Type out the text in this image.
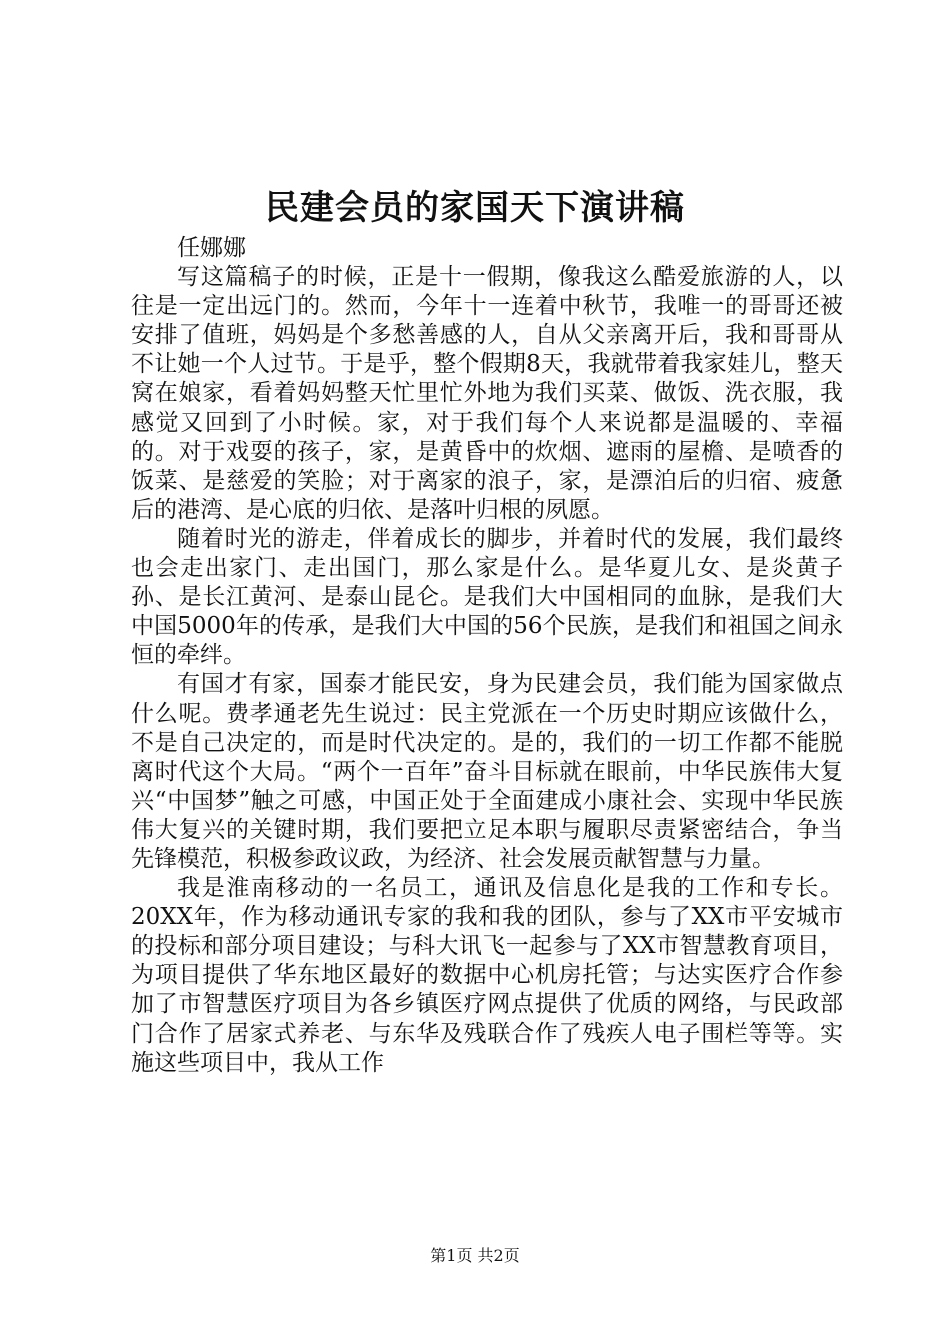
民建会员的家国天下演讲稿

任娜娜

写这篇稿子的时候，正是十一假期，像我这么酷爱旅游的人，以往是一定出远门的。然而，今年十一连着中秋节，我唯一的哥哥还被安排了值班，妈妈是个多愁善感的人，自从父亲离开后，我和哥哥从不让她一个人过节。于是乎，整个假期8天，我就带着我家娃儿，整天窝在娘家，看着妈妈整天忙里忙外地为我们买菜、做饭、洗衣服，我感觉又回到了小时候。家，对于我们每个人来说都是温暖的、幸福的。对于戏耍的孩子，家，是黄昏中的炊烟、遮雨的屋檐、是喷香的饭菜、是慈爱的笑脸；对于离家的浪子，家，是漂泊后的归宿、疲惫后的港湾、是心底的归依、是落叶归根的夙愿。

随着时光的游走，伴着成长的脚步，并着时代的发展，我们最终也会走出家门、走出国门，那么家是什么。是华夏儿女、是炎黄子孙、是长江黄河、是泰山昆仑。是我们大中国相同的血脉，是我们大中国5000年的传承，是我们大中国的56个民族，是我们和祖国之间永恒的牵绊。

有国才有家，国泰才能民安，身为民建会员，我们能为国家做点什么呢。费孝通老先生说过：民主党派在一个历史时期应该做什么，不是自己决定的，而是时代决定的。是的，我们的一切工作都不能脱离时代这个大局。“两个一百年”奋斗目标就在眼前，中华民族伟大复兴“中国梦”触之可感，中国正处于全面建成小康社会、实现中华民族伟大复兴的关键时期，我们要把立足本职与履职尽责紧密结合，争当先锋模范，积极参政议政，为经济、社会发展贡献智慧与力量。

我是淮南移动的一名员工，通讯及信息化是我的工作和专长。20XX年，作为移动通讯专家的我和我的团队，参与了XX市平安城市的投标和部分项目建设；与科大讯飞一起参与了XX市智慧教育项目，为项目提供了华东地区最好的数据中心机房托管；与达实医疗合作参加了市智慧医疗项目为各乡镇医疗网点提供了优质的网络，与民政部门合作了居家式养老、与东华及残联合作了残疾人电子围栏等等。实施这些项目中，我从工作

第1页 共2页
